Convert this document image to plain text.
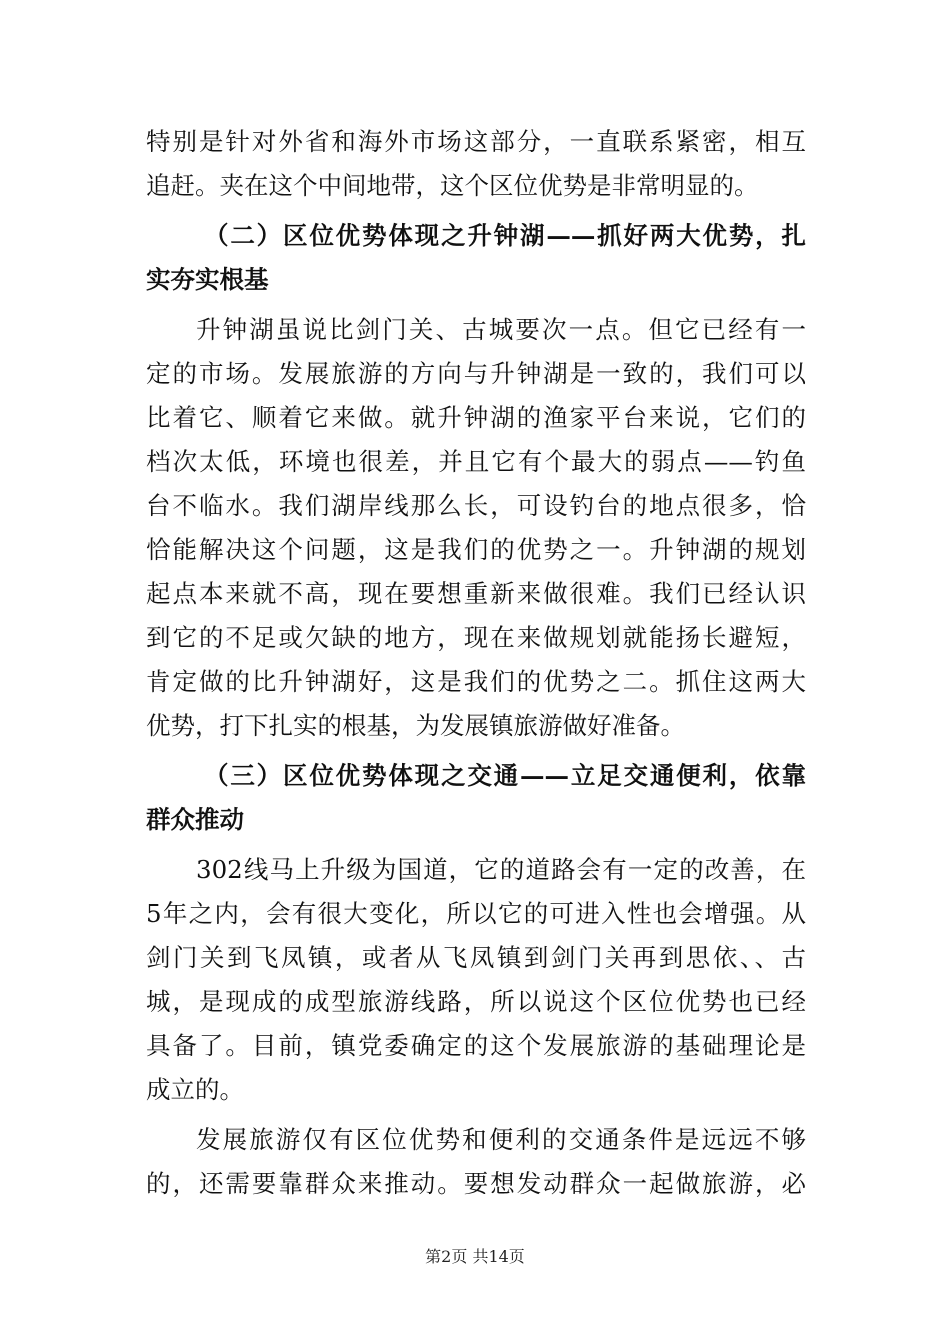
特别是针对外省和海外市场这部分，一直联系紧密，相互
追赶。夹在这个中间地带，这个区位优势是非常明显的。

（二）区位优势体现之升钟湖——抓好两大优势，扎
实夯实根基

升钟湖虽说比剑门关、古城要次一点。但它已经有一
定的市场。发展旅游的方向与升钟湖是一致的，我们可以
比着它、顺着它来做。就升钟湖的渔家平台来说，它们的
档次太低，环境也很差，并且它有个最大的弱点——钓鱼
台不临水。我们湖岸线那么长，可设钓台的地点很多，恰
恰能解决这个问题，这是我们的优势之一。升钟湖的规划
起点本来就不高，现在要想重新来做很难。我们已经认识
到它的不足或欠缺的地方，现在来做规划就能扬长避短，
肯定做的比升钟湖好，这是我们的优势之二。抓住这两大
优势，打下扎实的根基，为发展镇旅游做好准备。

（三）区位优势体现之交通——立足交通便利，依靠
群众推动

302线马上升级为国道，它的道路会有一定的改善，在
5年之内，会有很大变化，所以它的可进入性也会增强。从
剑门关到飞凤镇，或者从飞凤镇到剑门关再到思依、、古
城，是现成的成型旅游线路，所以说这个区位优势也已经
具备了。目前，镇党委确定的这个发展旅游的基础理论是
成立的。

发展旅游仅有区位优势和便利的交通条件是远远不够
的，还需要靠群众来推动。要想发动群众一起做旅游，必

第2页 共14页
